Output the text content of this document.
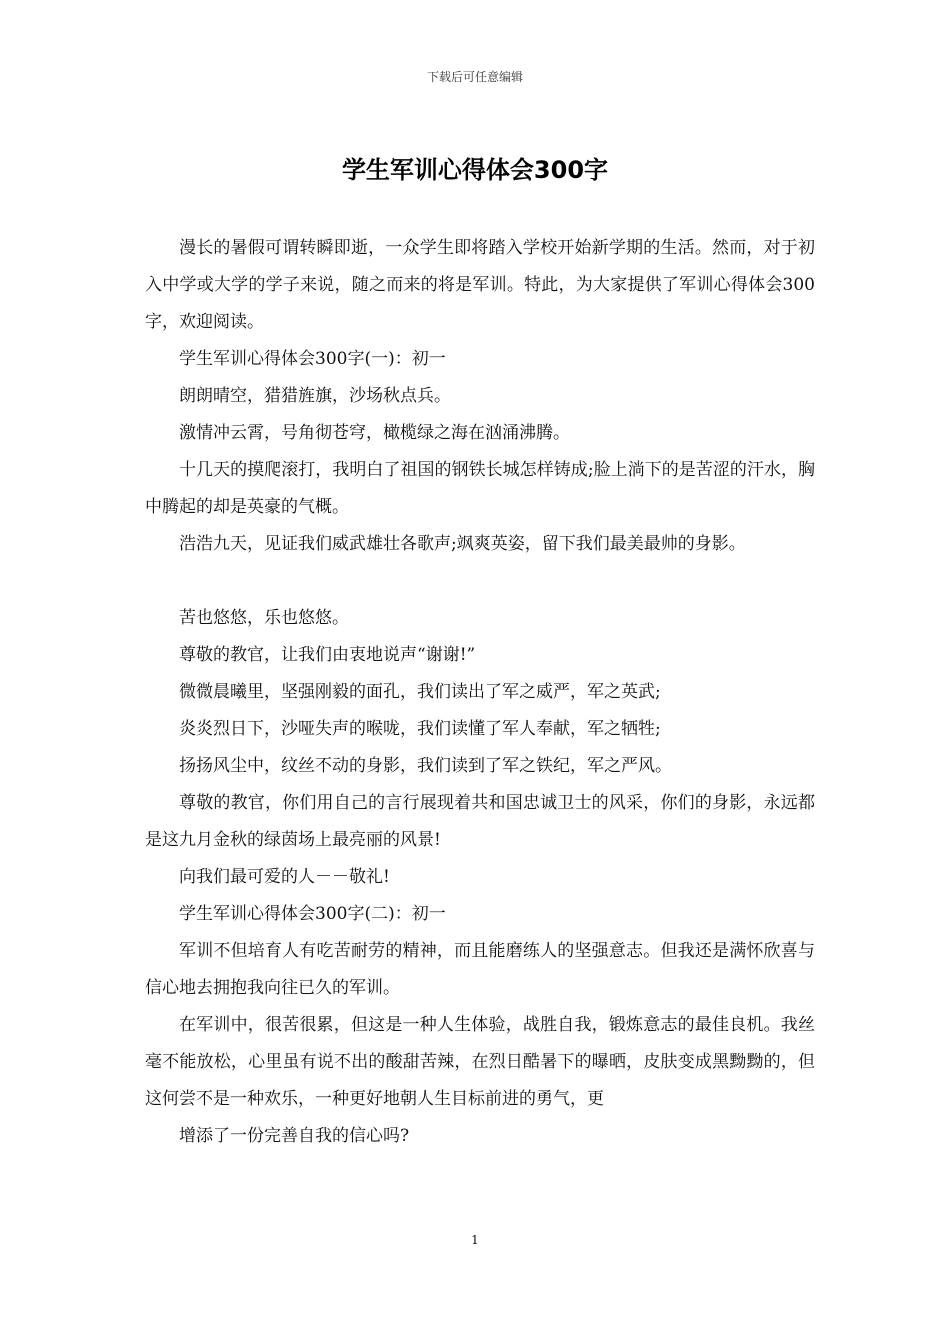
下载后可任意编辑
学生军训心得体会300字

漫长的暑假可谓转瞬即逝，一众学生即将踏入学校开始新学期的生活。然而，对于初入中学或大学的学子来说，随之而来的将是军训。特此，为大家提供了军训心得体会300字，欢迎阅读。

学生军训心得体会300字(一)：初一

朗朗晴空，猎猎旌旗，沙场秋点兵。

激情冲云霄，号角彻苍穹，橄榄绿之海在汹涌沸腾。

十几天的摸爬滚打，我明白了祖国的钢铁长城怎样铸成;脸上淌下的是苦涩的汗水，胸中腾起的却是英豪的气概。

浩浩九天，见证我们威武雄壮各歌声;飒爽英姿，留下我们最美最帅的身影。

苦也悠悠，乐也悠悠。

尊敬的教官，让我们由衷地说声“谢谢!”

微微晨曦里，坚强刚毅的面孔，我们读出了军之威严，军之英武;

炎炎烈日下，沙哑失声的喉咙，我们读懂了军人奉献，军之牺牲;

扬扬风尘中，纹丝不动的身影，我们读到了军之铁纪，军之严风。

尊敬的教官，你们用自己的言行展现着共和国忠诚卫士的风采，你们的身影，永远都是这九月金秋的绿茵场上最亮丽的风景!

向我们最可爱的人－－敬礼!

学生军训心得体会300字(二)：初一

军训不但培育人有吃苦耐劳的精神，而且能磨练人的坚强意志。但我还是满怀欣喜与信心地去拥抱我向往已久的军训。

在军训中，很苦很累，但这是一种人生体验，战胜自我，锻炼意志的最佳良机。我丝毫不能放松，心里虽有说不出的酸甜苦辣，在烈日酷暑下的曝晒，皮肤变成黑黝黝的，但这何尝不是一种欢乐，一种更好地朝人生目标前进的勇气，更

增添了一份完善自我的信心吗?

1
